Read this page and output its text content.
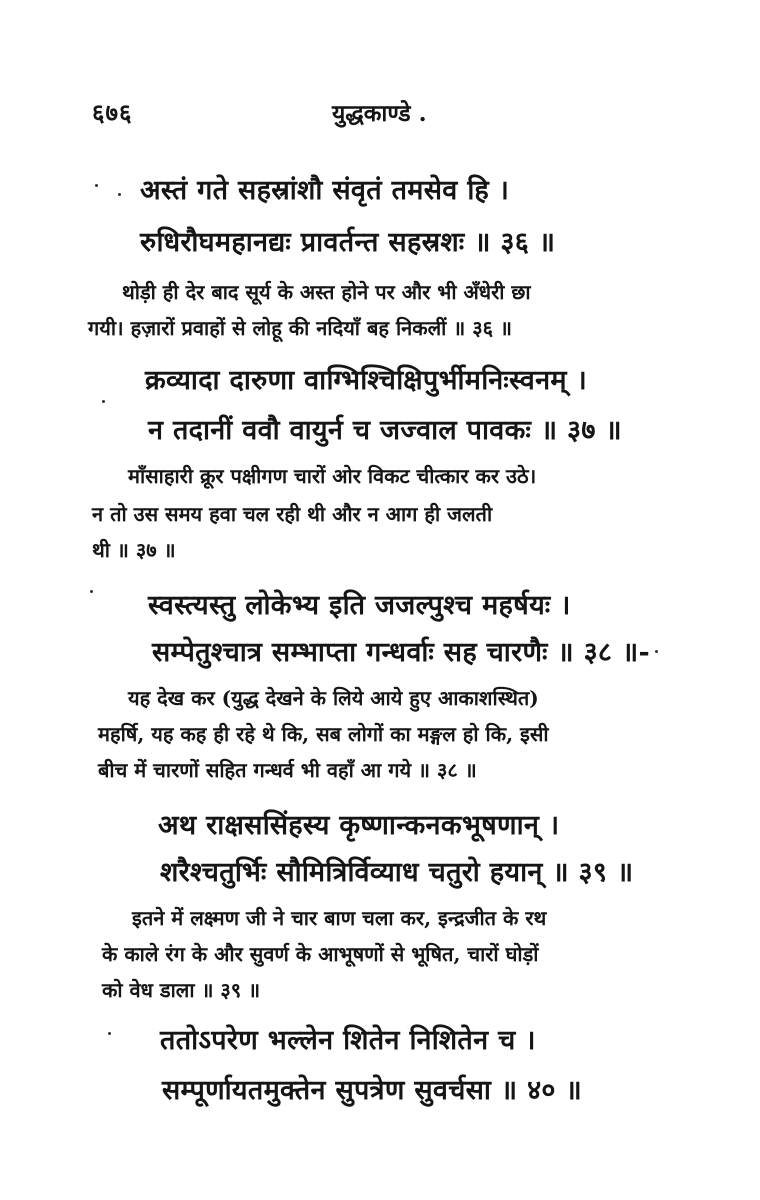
६७६	युद्धकाण्डे .
अस्तं गते सहस्रांशौ संवृतं तमसेव हि ।
रुधिरौघमहानद्यः प्रावर्तन्त सहस्रशः ॥ ३६ ॥
थोड़ी ही देर बाद सूर्य के अस्त होने पर और भी अँधेरी छा
गयी। हज़ारों प्रवाहों से लोहू की नदियाँ बह निकलीं ॥ ३६ ॥
क्रव्यादा दारुणा वाग्भिश्चिक्षिपुर्भीमनिःस्वनम् ।
न तदानीं ववौ वायुर्न च जज्वाल पावकः ॥ ३७ ॥
माँसाहारी क्रूर पक्षीगण चारों ओर विकट चीत्कार कर उठे।
न तो उस समय हवा चल रही थी और न आग ही जलती
थी ॥ ३७ ॥
स्वस्त्यस्तु लोकेभ्य इति जजल्पुश्च महर्षयः ।
सम्पेतुश्चात्र सम्भाप्ता गन्धर्वाः सह चारणैः ॥ ३८ ॥-
यह देख कर (युद्ध देखने के लिये आये हुए आकाशस्थित)
महर्षि, यह कह ही रहे थे कि, सब लोगों का मङ्गल हो कि, इसी
बीच में चारणों सहित गन्धर्व भी वहाँ आ गये ॥ ३८ ॥
अथ राक्षससिंहस्य कृष्णान्कनकभूषणान् ।
शरैश्चतुर्भिः सौमित्रिर्विव्याध चतुरो हयान् ॥ ३९ ॥
इतने में लक्ष्मण जी ने चार बाण चला कर, इन्द्रजीत के रथ
के काले रंग के और सुवर्ण के आभूषणों से भूषित, चारों घोड़ों
को वेध डाला ॥ ३९ ॥
ततोऽपरेण भल्लेन शितेन निशितेन च ।
सम्पूर्णायतमुक्तेन सुपत्रेण सुवर्चसा ॥ ४० ॥
